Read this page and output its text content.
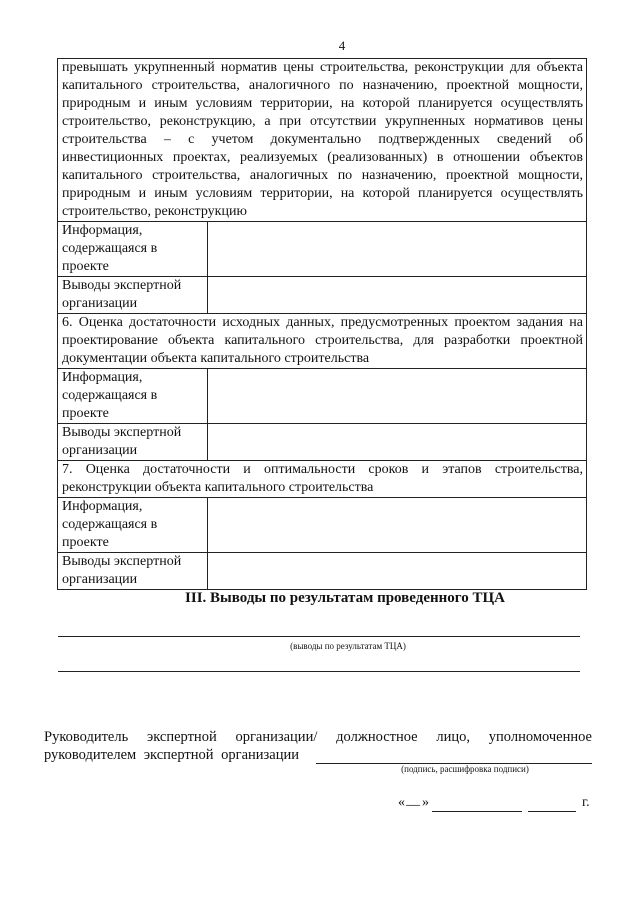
4
превышать укрупненный норматив цены строительства, реконструкции для объекта капитального строительства, аналогичного по назначению, проектной мощности, природным и иным условиям территории, на которой планируется осуществлять строительство, реконструкцию, а при отсутствии укрупненных нормативов цены строительства – с учетом документально подтвержденных сведений об инвестиционных проектах, реализуемых (реализованных) в отношении объектов капитального строительства, аналогичных по назначению, проектной мощности, природным и иным условиям территории, на которой планируется осуществлять строительство, реконструкцию	
Информация, содержащаяся в проекте	
Выводы экспертной организации	
6. Оценка достаточности исходных данных, предусмотренных проектом задания на проектирование объекта капитального строительства, для разработки проектной документации объекта капитального строительства	
Информация, содержащаяся в проекте	
Выводы экспертной организации	
7. Оценка достаточности и оптимальности сроков и этапов строительства, реконструкции объекта капитального строительства	
Информация, содержащаяся в проекте	
Выводы экспертной организации	
III. Выводы по результатам проведенного ТЦА
(выводы по результатам ТЦА)
Руководитель экспертной организации/ должностное лицо, уполномоченное
руководителем экспертной организации
(подпись, расшифровка подписи)
« __ »	г.
